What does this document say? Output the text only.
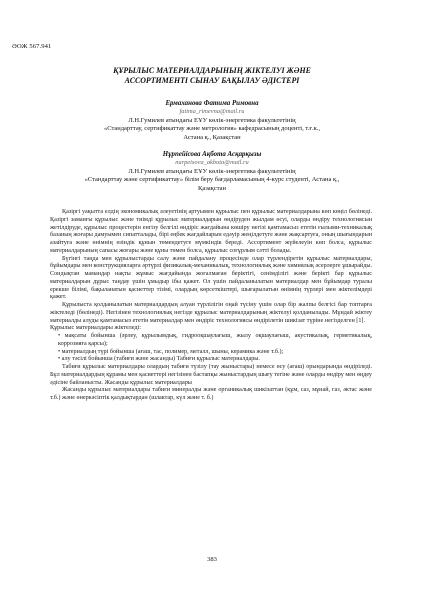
ӘОЖ 567.941
ҚҰРЫЛЫС МАТЕРИАЛДАРЫНЫҢ ЖІКТЕЛУІ ЖӘНЕ
АССОРТИМЕНТІ СЫНАУ БАҚЫЛАУ ӘДІСТЕРІ
Ермаханова Фатима Римовна
fatima_rimevna@mail.ru
Л.Н.Гумилев атындағы ЕҰУ көлік-энергетика факультетінің
«Стандарттау, сертификаттау және метрология» кафедрасының доценті, т.ғ.к.,
Астана қ., Қазақстан
Нұрпейісова Ақбота Асқарқызы
nurpeisova_akbota@mail.ru
Л.Н.Гумилев атындағы ЕҰУ көлік-энергетика факультетінің
«Стандарттау және сертификаттау» білім беру бағдарламасының 4-курс студенті, Астана қ.,
Қазақстан

Қазіргі уақытта елдің экономикалық әлеуетінің артуымен құрылыс пен құрылыс материалдарына көп көңіл бөлінеді. Қазіргі заманғы құрылыс және тиімді құрылыс материалдарын өндіруден жылдам өсуі, оларды өндіру технологиясын жетілдіруде, құрылыс процестерін енгізу белгілі өндіріс жағдайына көшіру негізі қамтамасыз ететін ғылыми-техникалық базаның жоғары дамуымен сипатталады, бірі еңбек жағдайларын едәуір жеңілдетуге және жақсартуға, оның шығындарын азайтуға және өнімнің өзіндік құнын төмендетуге мүмкіндік береді. Ассортимент жүйелеуін көп болса, құрылыс материалдарының сапасы жоғары және құны төмен болса, құрылыс соғұрлым сәтті болады.

Бүгінгі таңда мен құрылыстарды салу және пайдалану процесінде олар түрлендіретін құрылыс материалдары, бұйымдары мен конструкцияларға әртүрлі физикалық-механикалық, технологиялық және химиялық әсерлерге ұшырайды. Сондықтан мамандар нақты жұмыс жағдайында жоғалмаған беріктігі, сенімділігі және берікті бар құрылыс материалдарын дұрыс таңдау үшін ұмыдыр ібы қажет. Ол үшін пайдаланылатын материалдар мен бұйымдар туралы ерекше білімі, бақыланатын қасиеттер тізімі, олардың көрсеткіштері, шығарылатын өнімнің түрлері мен жіктелімдері қажет.

Құрылыста қолданылатын материалдардың алуан түрлілігін оңай түсіну үшін олар бір жалпы белгісі бар топтарға жіктеледі (бөлінеді). Негізінен технологиялық негізде құрылыс материалдарының жіктелуі қолданылады. Мұндай жіктеу материалды алуды қамтамасыз ететін материалдар мен өндіріс технологиясы өндірілетін шикізат түріне негізделген [1].

Құрылыс материалдары жіктеледі:

• мақсаты бойынша (әрлеу, құрылымдық, гидрооқшаулағыш, жылу оқшаулағыш, акустикалық, герметикалық, коррозияға қарсы);

• материалдың түрі бойынша (ағаш, тас, полимер, металл, шыны, керамика және т.б.);

• алу тәсілі бойынша (табиғи және жасанды) Табиғи құрылыс материалдары.

Табиғи құрылыс материалдары олардың табиғи түзілу (тау жыныстары) немесе өсу (ағаш) орындарында өндіріледі. Бұл материалдардың құрамы мен қасиеттері негізінен бастапқы жыныстардың шығу тегіне және оларды өндіру мен өңдеу әдісіне байланысты. Жасанды құрылыс материалдары

Жасанды құрылыс материалдары табиғи минералды және органикалық шикізаттан (құм, саз, мұнай, газ, әктас және т.б.) және өнеркәсіптік қалдықтардан (шлактар, күл және т. б.)

383
